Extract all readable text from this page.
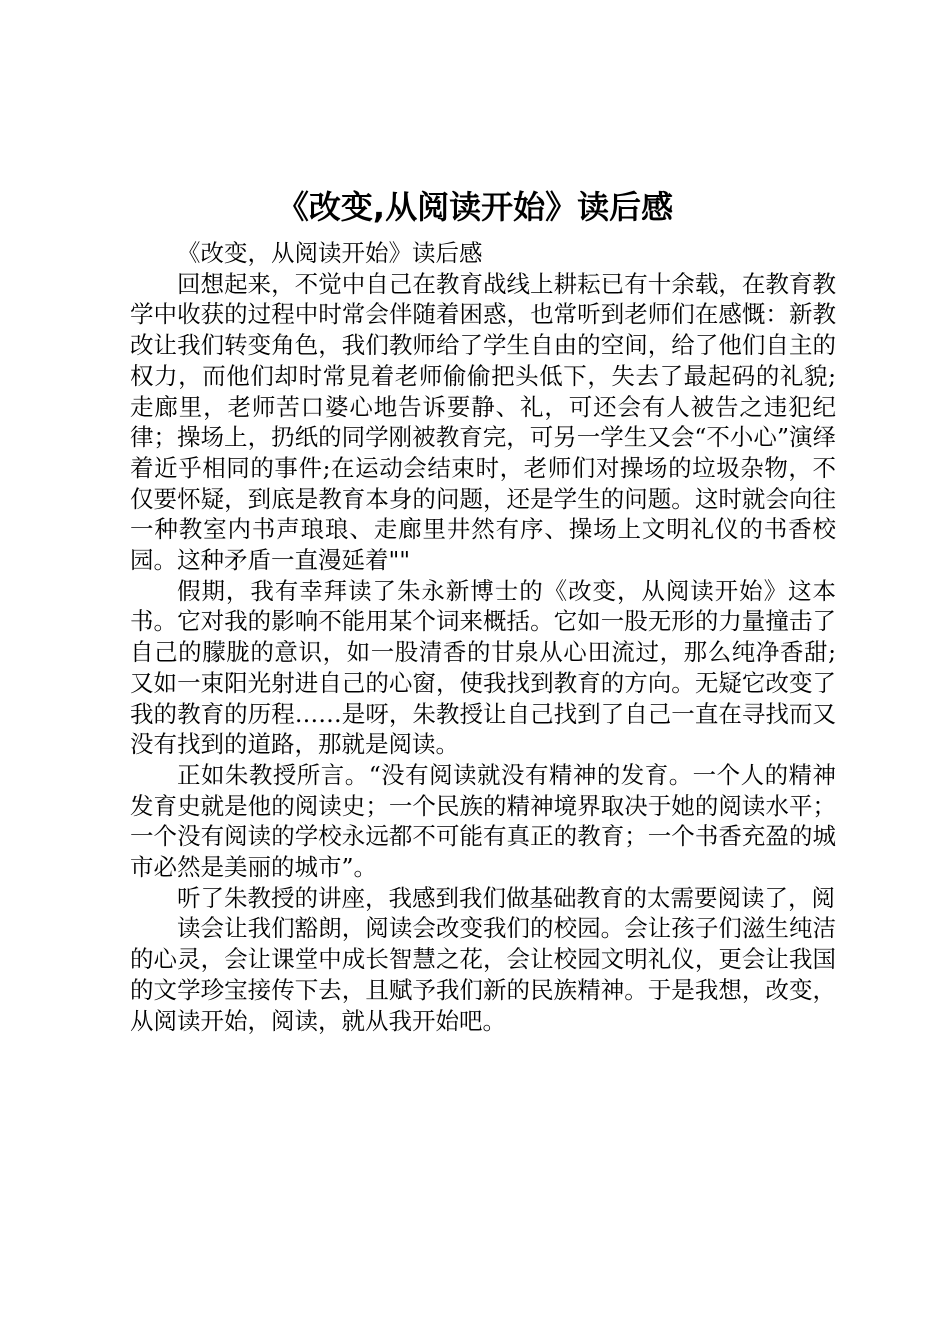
《改变,从阅读开始》读后感

《改变，从阅读开始》读后感

回想起来，不觉中自己在教育战线上耕耘已有十余载，在教育教学中收获的过程中时常会伴随着困惑，也常听到老师们在感慨：新教改让我们转变角色，我们教师给了学生自由的空间，给了他们自主的权力，而他们却时常見着老师偷偷把头低下，失去了最起码的礼貌;走廊里，老师苦口婆心地告诉要静、礼，可还会有人被告之违犯纪律；操场上，扔纸的同学刚被教育完，可另一学生又会“不小心”演绎着近乎相同的事件;在运动会结束时，老师们对操场的垃圾杂物，不仅要怀疑，到底是教育本身的问题，还是学生的问题。这时就会向往一种教室内书声琅琅、走廊里井然有序、操场上文明礼仪的书香校园。这种矛盾一直漫延着""

假期，我有幸拜读了朱永新博士的《改变，从阅读开始》这本书。它对我的影响不能用某个词来概括。它如一股无形的力量撞击了自己的朦胧的意识，如一股清香的甘泉从心田流过，那么纯净香甜;又如一束阳光射进自己的心窗，使我找到教育的方向。无疑它改变了我的教育的历程……是呀，朱教授让自己找到了自己一直在寻找而又没有找到的道路，那就是阅读。

正如朱教授所言。“没有阅读就没有精神的发育。一个人的精神发育史就是他的阅读史；一个民族的精神境界取决于她的阅读水平；一个没有阅读的学校永远都不可能有真正的教育；一个书香充盈的城市必然是美丽的城市”。

听了朱教授的讲座，我感到我们做基础教育的太需要阅读了，阅

读会让我们豁朗，阅读会改变我们的校园。会让孩子们滋生纯洁的心灵，会让课堂中成长智慧之花，会让校园文明礼仪，更会让我国的文学珍宝接传下去，且赋予我们新的民族精神。于是我想，改变，从阅读开始，阅读，就从我开始吧。
